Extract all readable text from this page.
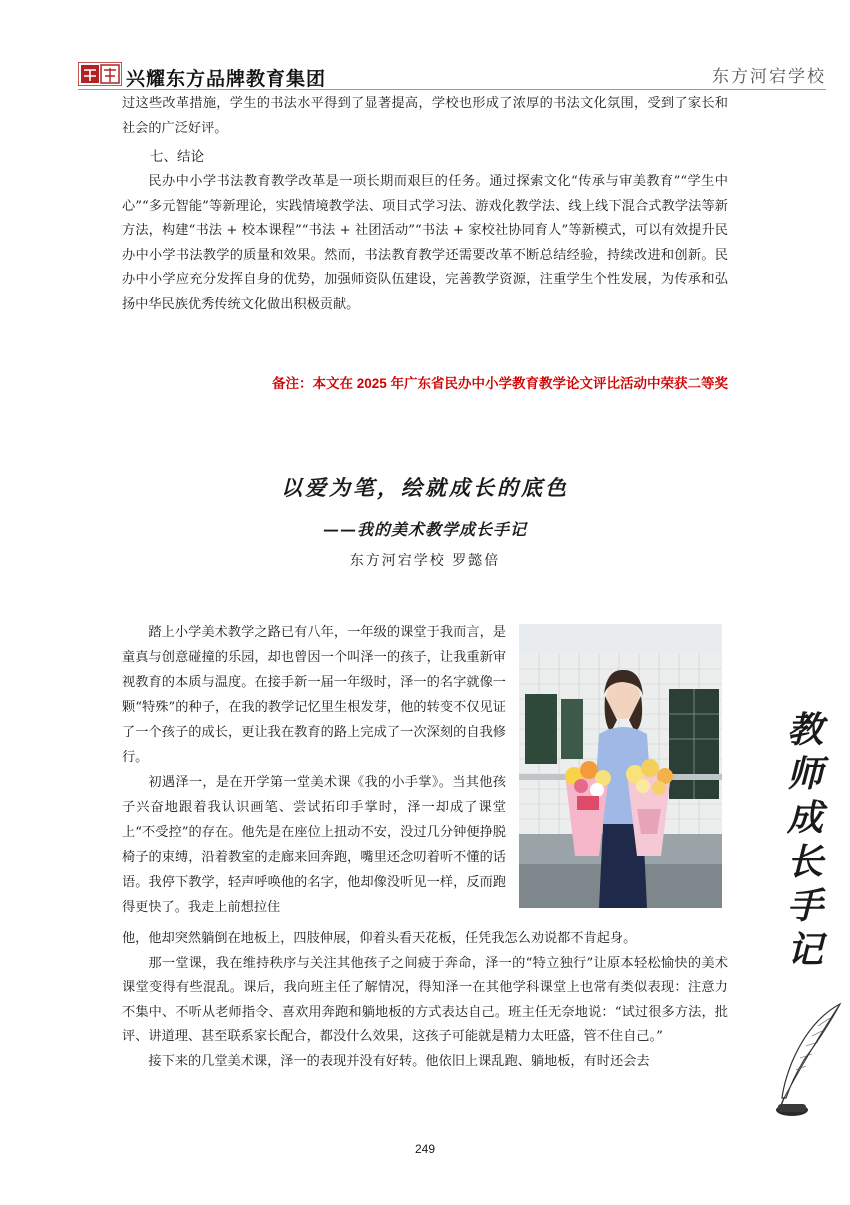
兴耀东方品牌教育集团	东方河宕学校

过这些改革措施，学生的书法水平得到了显著提高，学校也形成了浓厚的书法文化氛围，受到了家长和社会的广泛好评。

七、结论

民办中小学书法教育教学改革是一项长期而艰巨的任务。通过探索文化“传承与审美教育”“学生中心”“多元智能”等新理论，实践情境教学法、项目式学习法、游戏化教学法、线上线下混合式教学法等新方法，构建“书法 + 校本课程”“书法 + 社团活动”“书法 + 家校社协同育人”等新模式，可以有效提升民办中小学书法教学的质量和效果。然而，书法教育教学还需要改革不断总结经验，持续改进和创新。民办中小学应充分发挥自身的优势，加强师资队伍建设，完善教学资源，注重学生个性发展，为传承和弘扬中华民族优秀传统文化做出积极贡献。

备注：本文在 2025 年广东省民办中小学教育教学论文评比活动中荣获二等奖
以爱为笔，绘就成长的底色
——我的美术教学成长手记
东方河宕学校 罗懿倍

踏上小学美术教学之路已有八年，一年级的课堂于我而言，是童真与创意碰撞的乐园，却也曾因一个叫泽一的孩子，让我重新审视教育的本质与温度。在接手新一届一年级时，泽一的名字就像一颗“特殊”的种子，在我的教学记忆里生根发芽，他的转变不仅见证了一个孩子的成长，更让我在教育的路上完成了一次深刻的自我修行。

初遇泽一，是在开学第一堂美术课《我的小手掌》。当其他孩子兴奋地跟着我认识画笔、尝试拓印手掌时，泽一却成了课堂上“不受控”的存在。他先是在座位上扭动不安，没过几分钟便挣脱椅子的束缚，沿着教室的走廊来回奔跑，嘴里还念叨着听不懂的话语。我停下教学，轻声呼唤他的名字，他却像没听见一样，反而跑得更快了。我走上前想拉住

他，他却突然躺倒在地板上，四肢伸展，仰着头看天花板，任凭我怎么劝说都不肯起身。

那一堂课，我在维持秩序与关注其他孩子之间疲于奔命，泽一的“特立独行”让原本轻松愉快的美术课堂变得有些混乱。课后，我向班主任了解情况，得知泽一在其他学科课堂上也常有类似表现：注意力不集中、不听从老师指令、喜欢用奔跑和躺地板的方式表达自己。班主任无奈地说：“试过很多方法，批评、讲道理、甚至联系家长配合，都没什么效果，这孩子可能就是精力太旺盛，管不住自己。”

接下来的几堂美术课，泽一的表现并没有好转。他依旧上课乱跑、躺地板，有时还会去

教
师
成
长
手
记
249
